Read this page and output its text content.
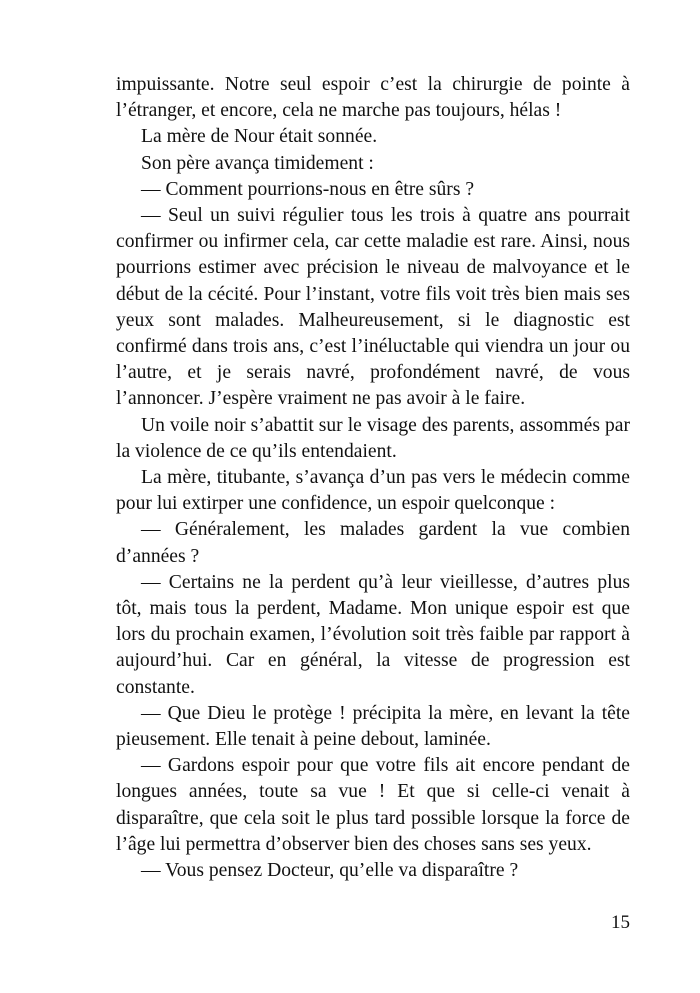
impuissante. Notre seul espoir c’est la chirurgie de pointe à l’étranger, et encore, cela ne marche pas toujours, hélas !

La mère de Nour était sonnée.

Son père avança timidement :

— Comment pourrions-nous en être sûrs ?

— Seul un suivi régulier tous les trois à quatre ans pourrait confirmer ou infirmer cela, car cette maladie est rare. Ainsi, nous pourrions estimer avec précision le niveau de malvoyance et le début de la cécité. Pour l’instant, votre fils voit très bien mais ses yeux sont malades. Malheureusement, si le diagnostic est confirmé dans trois ans, c’est l’inéluctable qui viendra un jour ou l’autre, et je serais navré, profondément navré, de vous l’annoncer. J’espère vraiment ne pas avoir à le faire.

Un voile noir s’abattit sur le visage des parents, assommés par la violence de ce qu’ils entendaient.

La mère, titubante, s’avança d’un pas vers le médecin comme pour lui extirper une confidence, un espoir quelconque :

— Généralement, les malades gardent la vue combien d’années ?

— Certains ne la perdent qu’à leur vieillesse, d’autres plus tôt, mais tous la perdent, Madame. Mon unique espoir est que lors du prochain examen, l’évolution soit très faible par rapport à aujourd’hui. Car en général, la vitesse de progression est constante.

— Que Dieu le protège ! précipita la mère, en levant la tête pieusement. Elle tenait à peine debout, laminée.

— Gardons espoir pour que votre fils ait encore pendant de longues années, toute sa vue ! Et que si celle-ci venait à disparaître, que cela soit le plus tard possible lorsque la force de l’âge lui permettra d’observer bien des choses sans ses yeux.

— Vous pensez Docteur, qu’elle va disparaître ?

15
